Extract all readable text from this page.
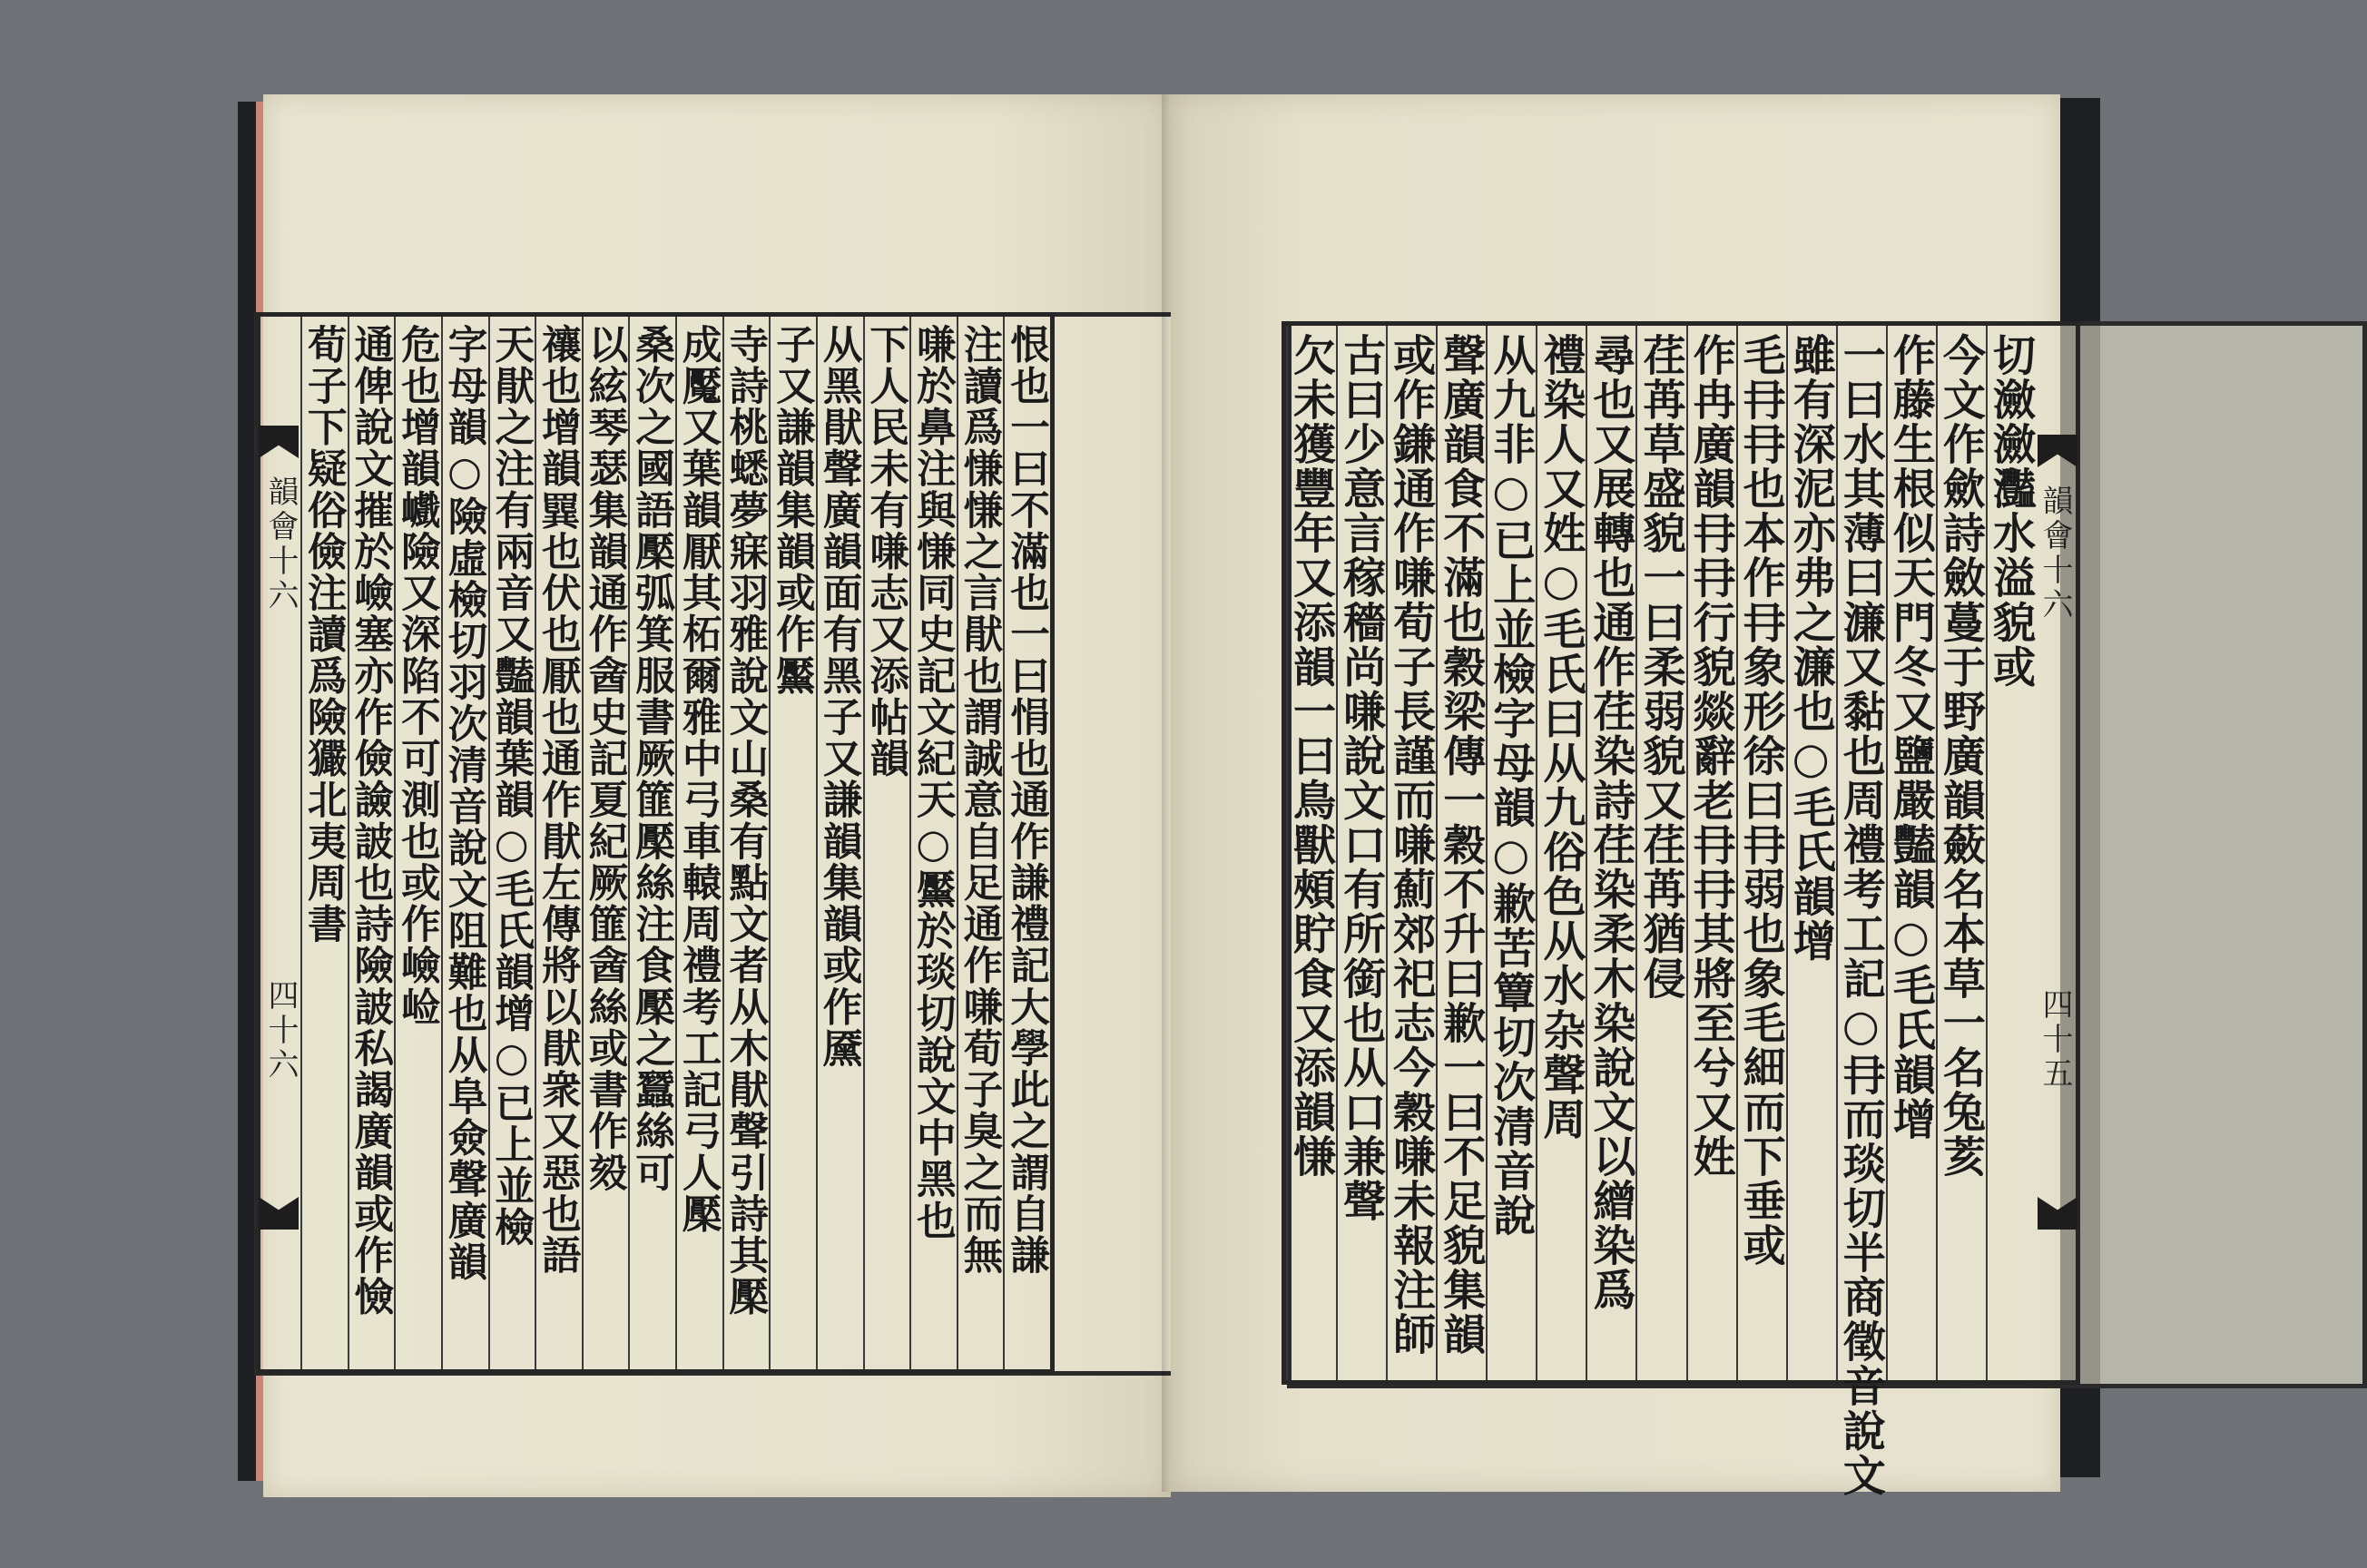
韻會十六
四十六	恨也一曰不滿也一曰悁也通作謙禮記大學此之謂自謙
注讀爲慊慊之言猒也謂誠意自足通作嗛荀子臭之而無
嗛於鼻注與慊同史記文紀天○黶於琰切說文中黑也
下人民未有嗛志又添帖韻
从黑猒聲廣韻面有黑子又謙韻集韻或作黡
子又謙韻集韻或作黶
寺詩桃蟋夢寐羽雅說文山桑有點文者从木猒聲引詩其檿
成魘又葉韻厭其柘爾雅中弓車轅周禮考工記弓人檿
桑次之國語檿弧箕服書厥篚檿絲注食檿之蠶絲可
以絃琴瑟集韻通作酓史記夏紀厥篚酓絲或書作㱾
禳也增韻𦌔也伏也厭也通作猒左傳將以猒衆又惡也語
天猒之注有兩音又豔韻葉韻○毛氏韻增○已上並檢
字母韻○險虛檢切羽次清音說文阻難也从阜僉聲廣韻
危也增韻巇險又深陷不可測也或作嶮崄
通俾說文摧於嶮塞亦作儉譣詖也詩險詖私謁廣韻或作憸
荀子下疑俗儉注讀爲險玁北夷周書	韻會十六
四十五
切瀲瀲灩水溢貌或
今文作歛詩斂蔓于野廣韻蘞名本草一名兔荄
作藤生根似天門冬又鹽嚴豔韻○毛氏韻增
一曰水其薄曰濂又黏也周禮考工記○冄而琰切半商徵音說文
雖有深泥亦弗之濂也○毛氏韻增
毛冄冄也本作冄象形徐曰冄弱也象毛細而下垂或
作冉廣韻冄冄行貌燚辭老冄冄其將至兮又姓
荏苒草盛貌一曰柔弱貌又荏苒猶侵
尋也又展轉也通作荏染詩荏染柔木染說文以繒染爲
禮染人又姓○毛氏曰从九俗色从水杂聲周
从九非○已上並檢字母韻○歉苦簟切次清音說
聲廣韻食不滿也穀梁傳一穀不升曰歉一曰不足貌集韻
或作鎌通作嗛荀子長謹而嗛薊郊祀志今穀嗛未報注師
古曰少意言稼穡尚嗛說文口有所銜也从口兼聲
欠未獲豐年又添韻一曰鳥獸頰貯食又添韻慊
